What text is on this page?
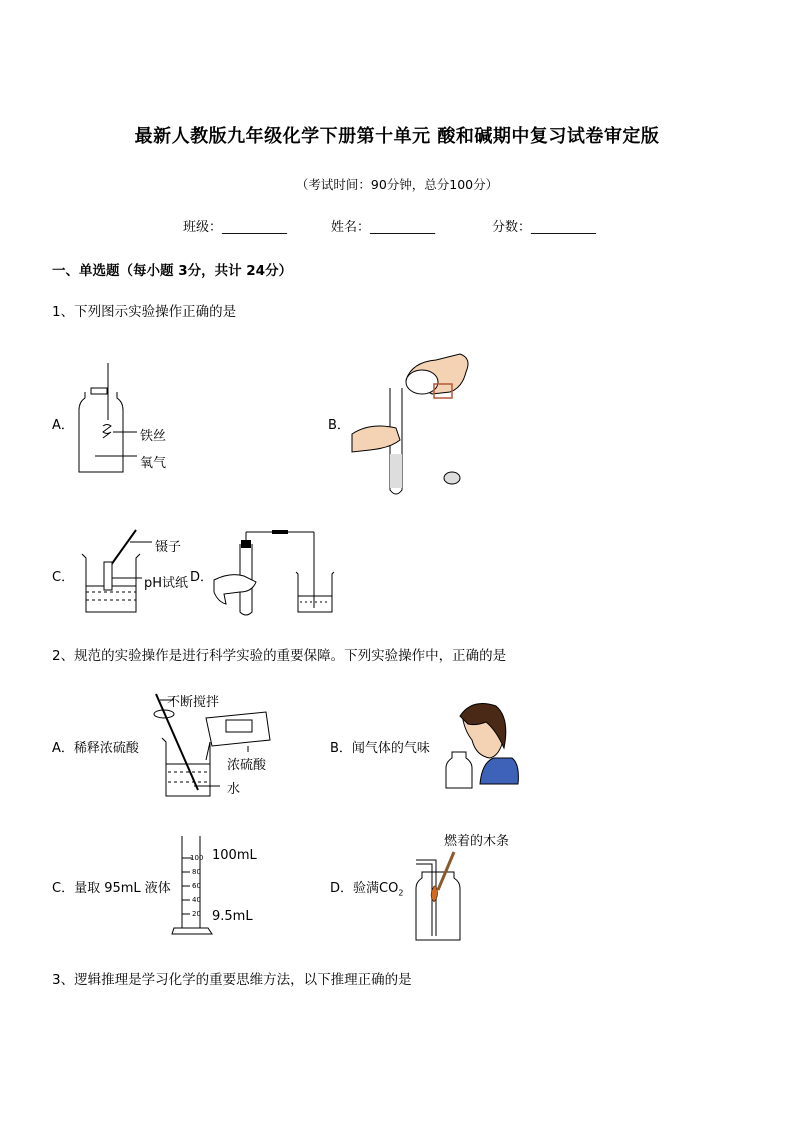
最新人教版九年级化学下册第十单元 酸和碱期中复习试卷审定版
（考试时间：90分钟，总分100分）
班级：__________	姓名：__________	分数：__________
一、单选题（每小题 3分，共计 24分）
1、下列图示实验操作正确的是
A．
铁丝
氧气
B．
C．
镊子
pH试纸 D．
2、规范的实验操作是进行科学实验的重要保障。下列实验操作中，正确的是
A．稀释浓硫酸
不断搅拌
浓硫酸
水
B．闻气体的气味
C．量取 95mL 液体
100
80
60
40
20
100mL
9.5mL
D．验满$CO_2$
燃着的木条
3、逻辑推理是学习化学的重要思维方法，以下推理正确的是
